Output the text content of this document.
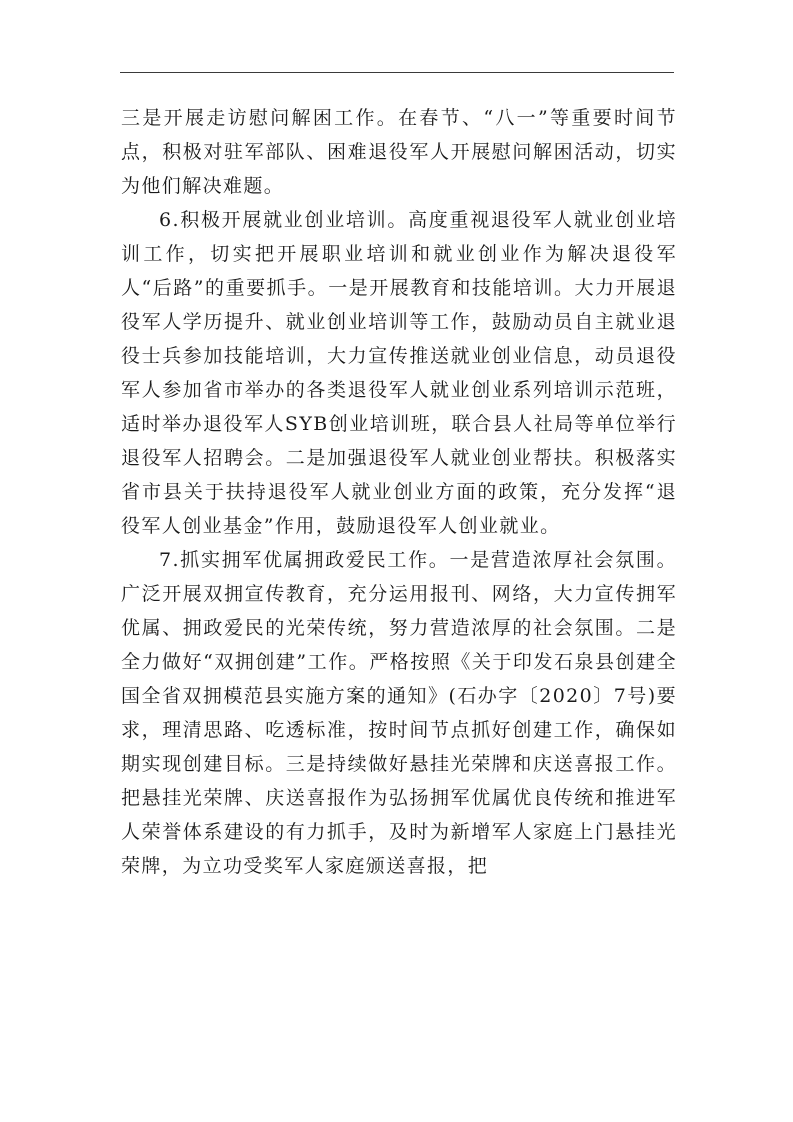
三是开展走访慰问解困工作。在春节、“八一”等重要时间节点，积极对驻军部队、困难退役军人开展慰问解困活动，切实为他们解决难题。

6.积极开展就业创业培训。高度重视退役军人就业创业培训工作，切实把开展职业培训和就业创业作为解决退役军人“后路”的重要抓手。一是开展教育和技能培训。大力开展退役军人学历提升、就业创业培训等工作，鼓励动员自主就业退役士兵参加技能培训，大力宣传推送就业创业信息，动员退役军人参加省市举办的各类退役军人就业创业系列培训示范班，适时举办退役军人SYB创业培训班，联合县人社局等单位举行退役军人招聘会。二是加强退役军人就业创业帮扶。积极落实省市县关于扶持退役军人就业创业方面的政策，充分发挥“退役军人创业基金”作用，鼓励退役军人创业就业。

7.抓实拥军优属拥政爱民工作。一是营造浓厚社会氛围。广泛开展双拥宣传教育，充分运用报刊、网络，大力宣传拥军优属、拥政爱民的光荣传统，努力营造浓厚的社会氛围。二是全力做好“双拥创建”工作。严格按照《关于印发石泉县创建全国全省双拥模范县实施方案的通知》(石办字〔2020〕7号)要求，理清思路、吃透标准，按时间节点抓好创建工作，确保如期实现创建目标。三是持续做好悬挂光荣牌和庆送喜报工作。把悬挂光荣牌、庆送喜报作为弘扬拥军优属优良传统和推进军人荣誉体系建设的有力抓手，及时为新增军人家庭上门悬挂光荣牌，为立功受奖军人家庭颁送喜报，把
